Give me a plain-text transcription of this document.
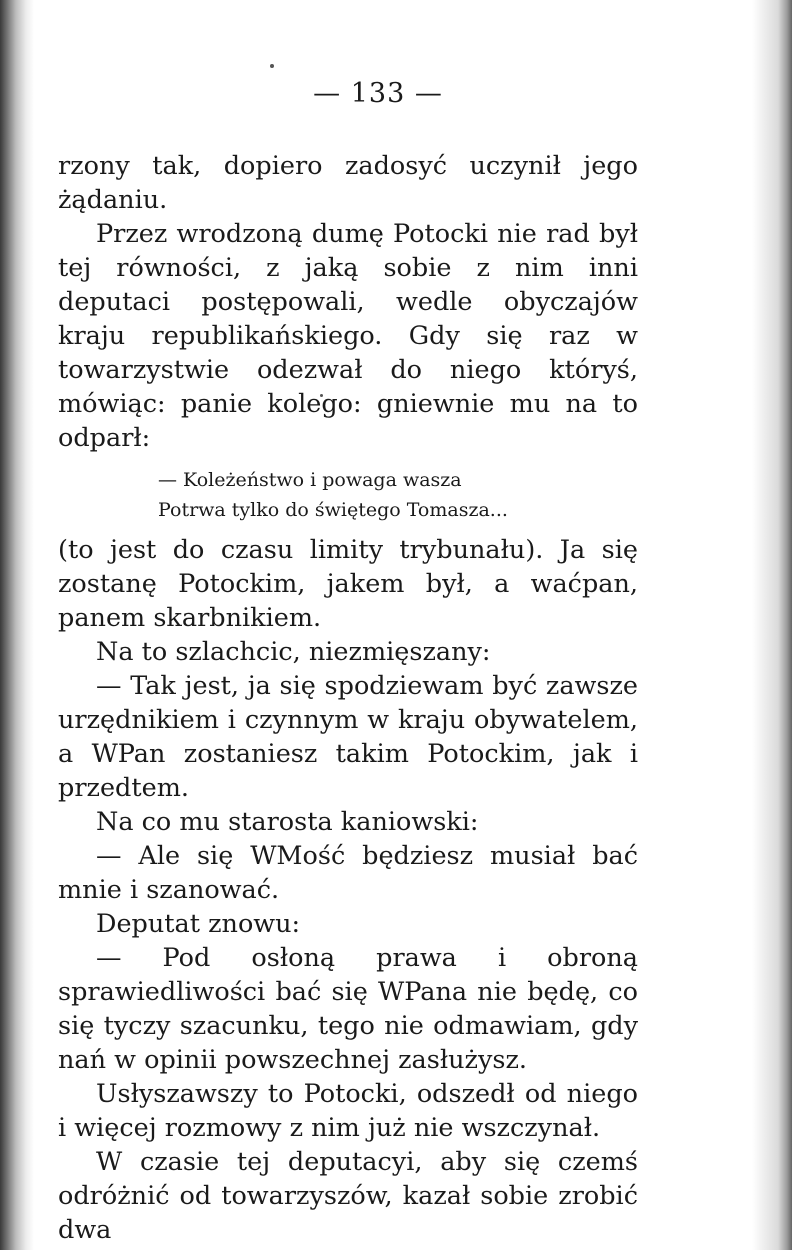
— 133 —

rzony tak, dopiero zadosyć uczynił jego żądaniu.

Przez wrodzoną dumę Potocki nie rad był tej równości, z jaką sobie z nim inni deputaci postępowali, wedle obyczajów kraju republikańskiego. Gdy się raz w towarzystwie odezwał do niego któryś, mówiąc: panie kolego: gniewnie mu na to odparł:

— Koleżeństwo i powaga wasza
Potrwa tylko do świętego Tomasza...

(to jest do czasu limity trybunału). Ja się zostanę Potockim, jakem był, a waćpan, panem skarbnikiem.

Na to szlachcic, niezmięszany:

— Tak jest, ja się spodziewam być zawsze urzędnikiem i czynnym w kraju obywatelem, a WPan zostaniesz takim Potockim, jak i przedtem.

Na co mu starosta kaniowski:

— Ale się WMość będziesz musiał bać mnie i szanować.

Deputat znowu:

— Pod osłoną prawa i obroną sprawiedliwości bać się WPana nie będę, co się tyczy szacunku, tego nie odmawiam, gdy nań w opinii powszechnej zasłużysz.

Usłyszawszy to Potocki, odszedł od niego i więcej rozmowy z nim już nie wszczynał.

W czasie tej deputacyi, aby się czemś odróżnić od towarzyszów, kazał sobie zrobić dwa
